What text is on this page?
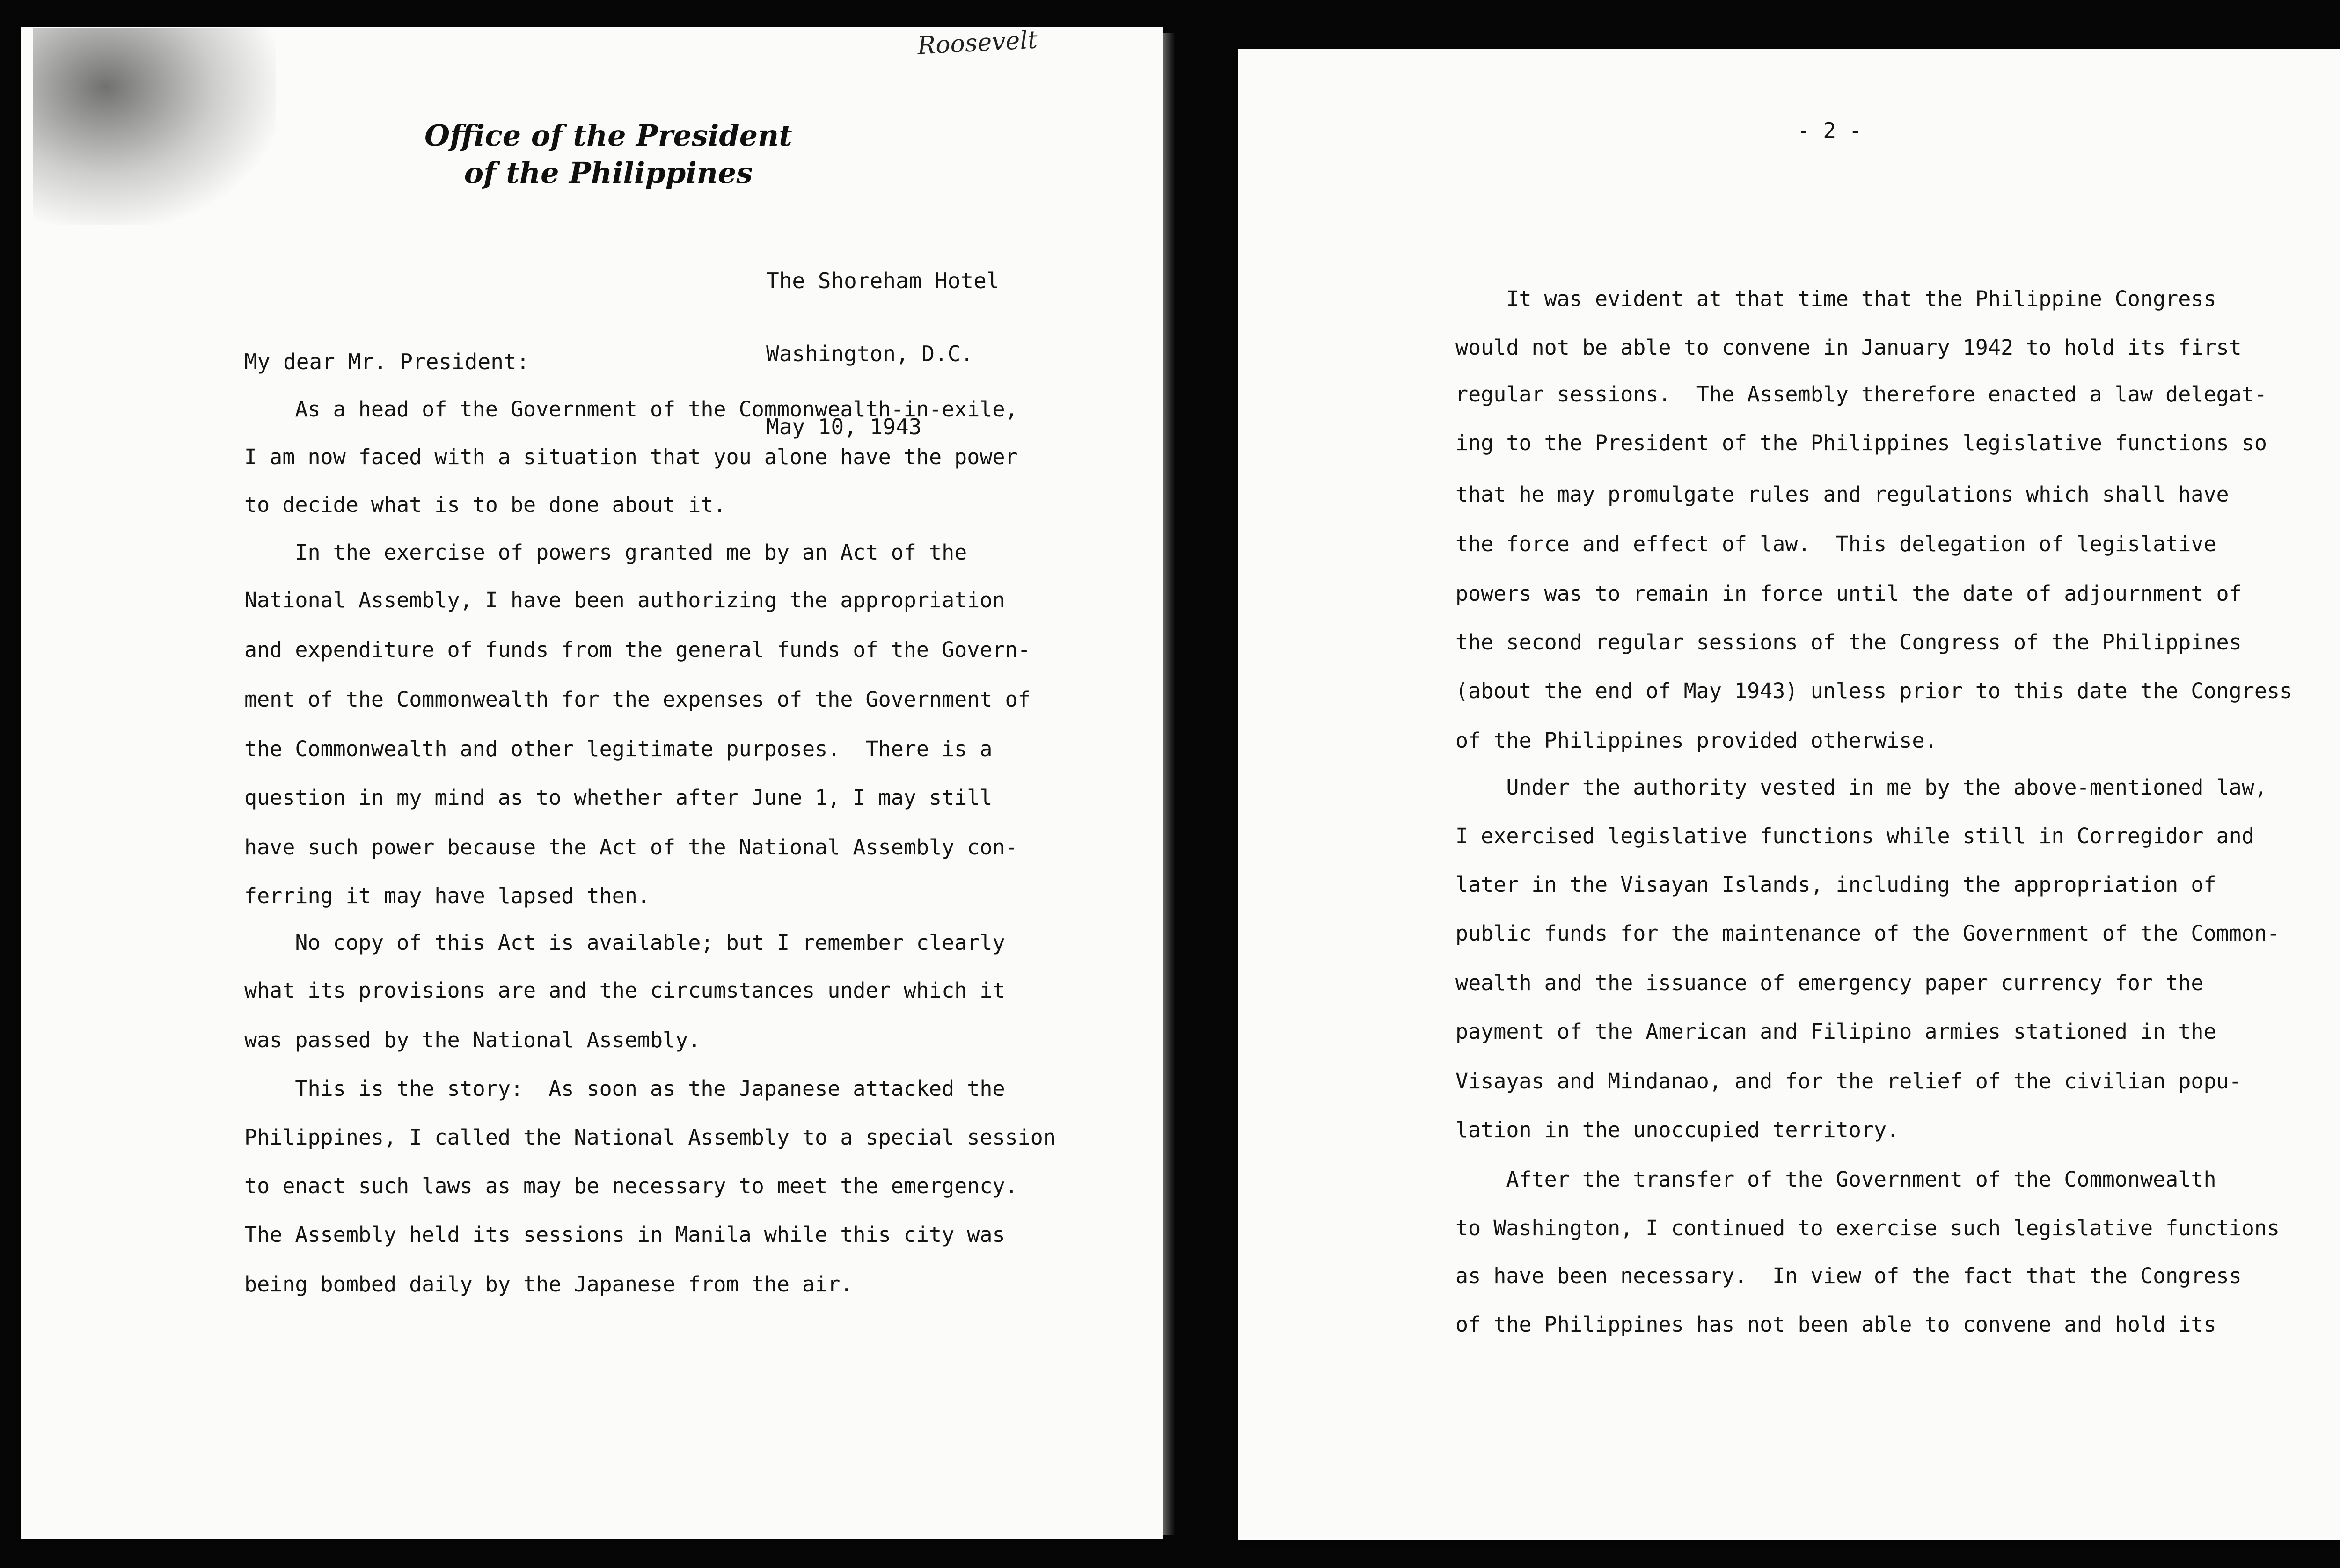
Roosevelt
Office of the President
of the Philippines

The Shoreham Hotel

Washington, D.C.

May 10, 1943

My dear Mr. President:
As a head of the Government of the Commonwealth-in-exile,
I am now faced with a situation that you alone have the power
to decide what is to be done about it.
In the exercise of powers granted me by an Act of the
National Assembly, I have been authorizing the appropriation
and expenditure of funds from the general funds of the Govern-
ment of the Commonwealth for the expenses of the Government of
the Commonwealth and other legitimate purposes.  There is a
question in my mind as to whether after June 1, I may still
have such power because the Act of the National Assembly con-
ferring it may have lapsed then.
No copy of this Act is available; but I remember clearly
what its provisions are and the circumstances under which it
was passed by the National Assembly.
This is the story:  As soon as the Japanese attacked the
Philippines, I called the National Assembly to a special session
to enact such laws as may be necessary to meet the emergency.
The Assembly held its sessions in Manila while this city was
being bombed daily by the Japanese from the air.
- 2 -
It was evident at that time that the Philippine Congress
would not be able to convene in January 1942 to hold its first
regular sessions.  The Assembly therefore enacted a law delegat-
ing to the President of the Philippines legislative functions so
that he may promulgate rules and regulations which shall have
the force and effect of law.  This delegation of legislative
powers was to remain in force until the date of adjournment of
the second regular sessions of the Congress of the Philippines
(about the end of May 1943) unless prior to this date the Congress
of the Philippines provided otherwise.
Under the authority vested in me by the above-mentioned law,
I exercised legislative functions while still in Corregidor and
later in the Visayan Islands, including the appropriation of
public funds for the maintenance of the Government of the Common-
wealth and the issuance of emergency paper currency for the
payment of the American and Filipino armies stationed in the
Visayas and Mindanao, and for the relief of the civilian popu-
lation in the unoccupied territory.
After the transfer of the Government of the Commonwealth
to Washington, I continued to exercise such legislative functions
as have been necessary.  In view of the fact that the Congress
of the Philippines has not been able to convene and hold its
